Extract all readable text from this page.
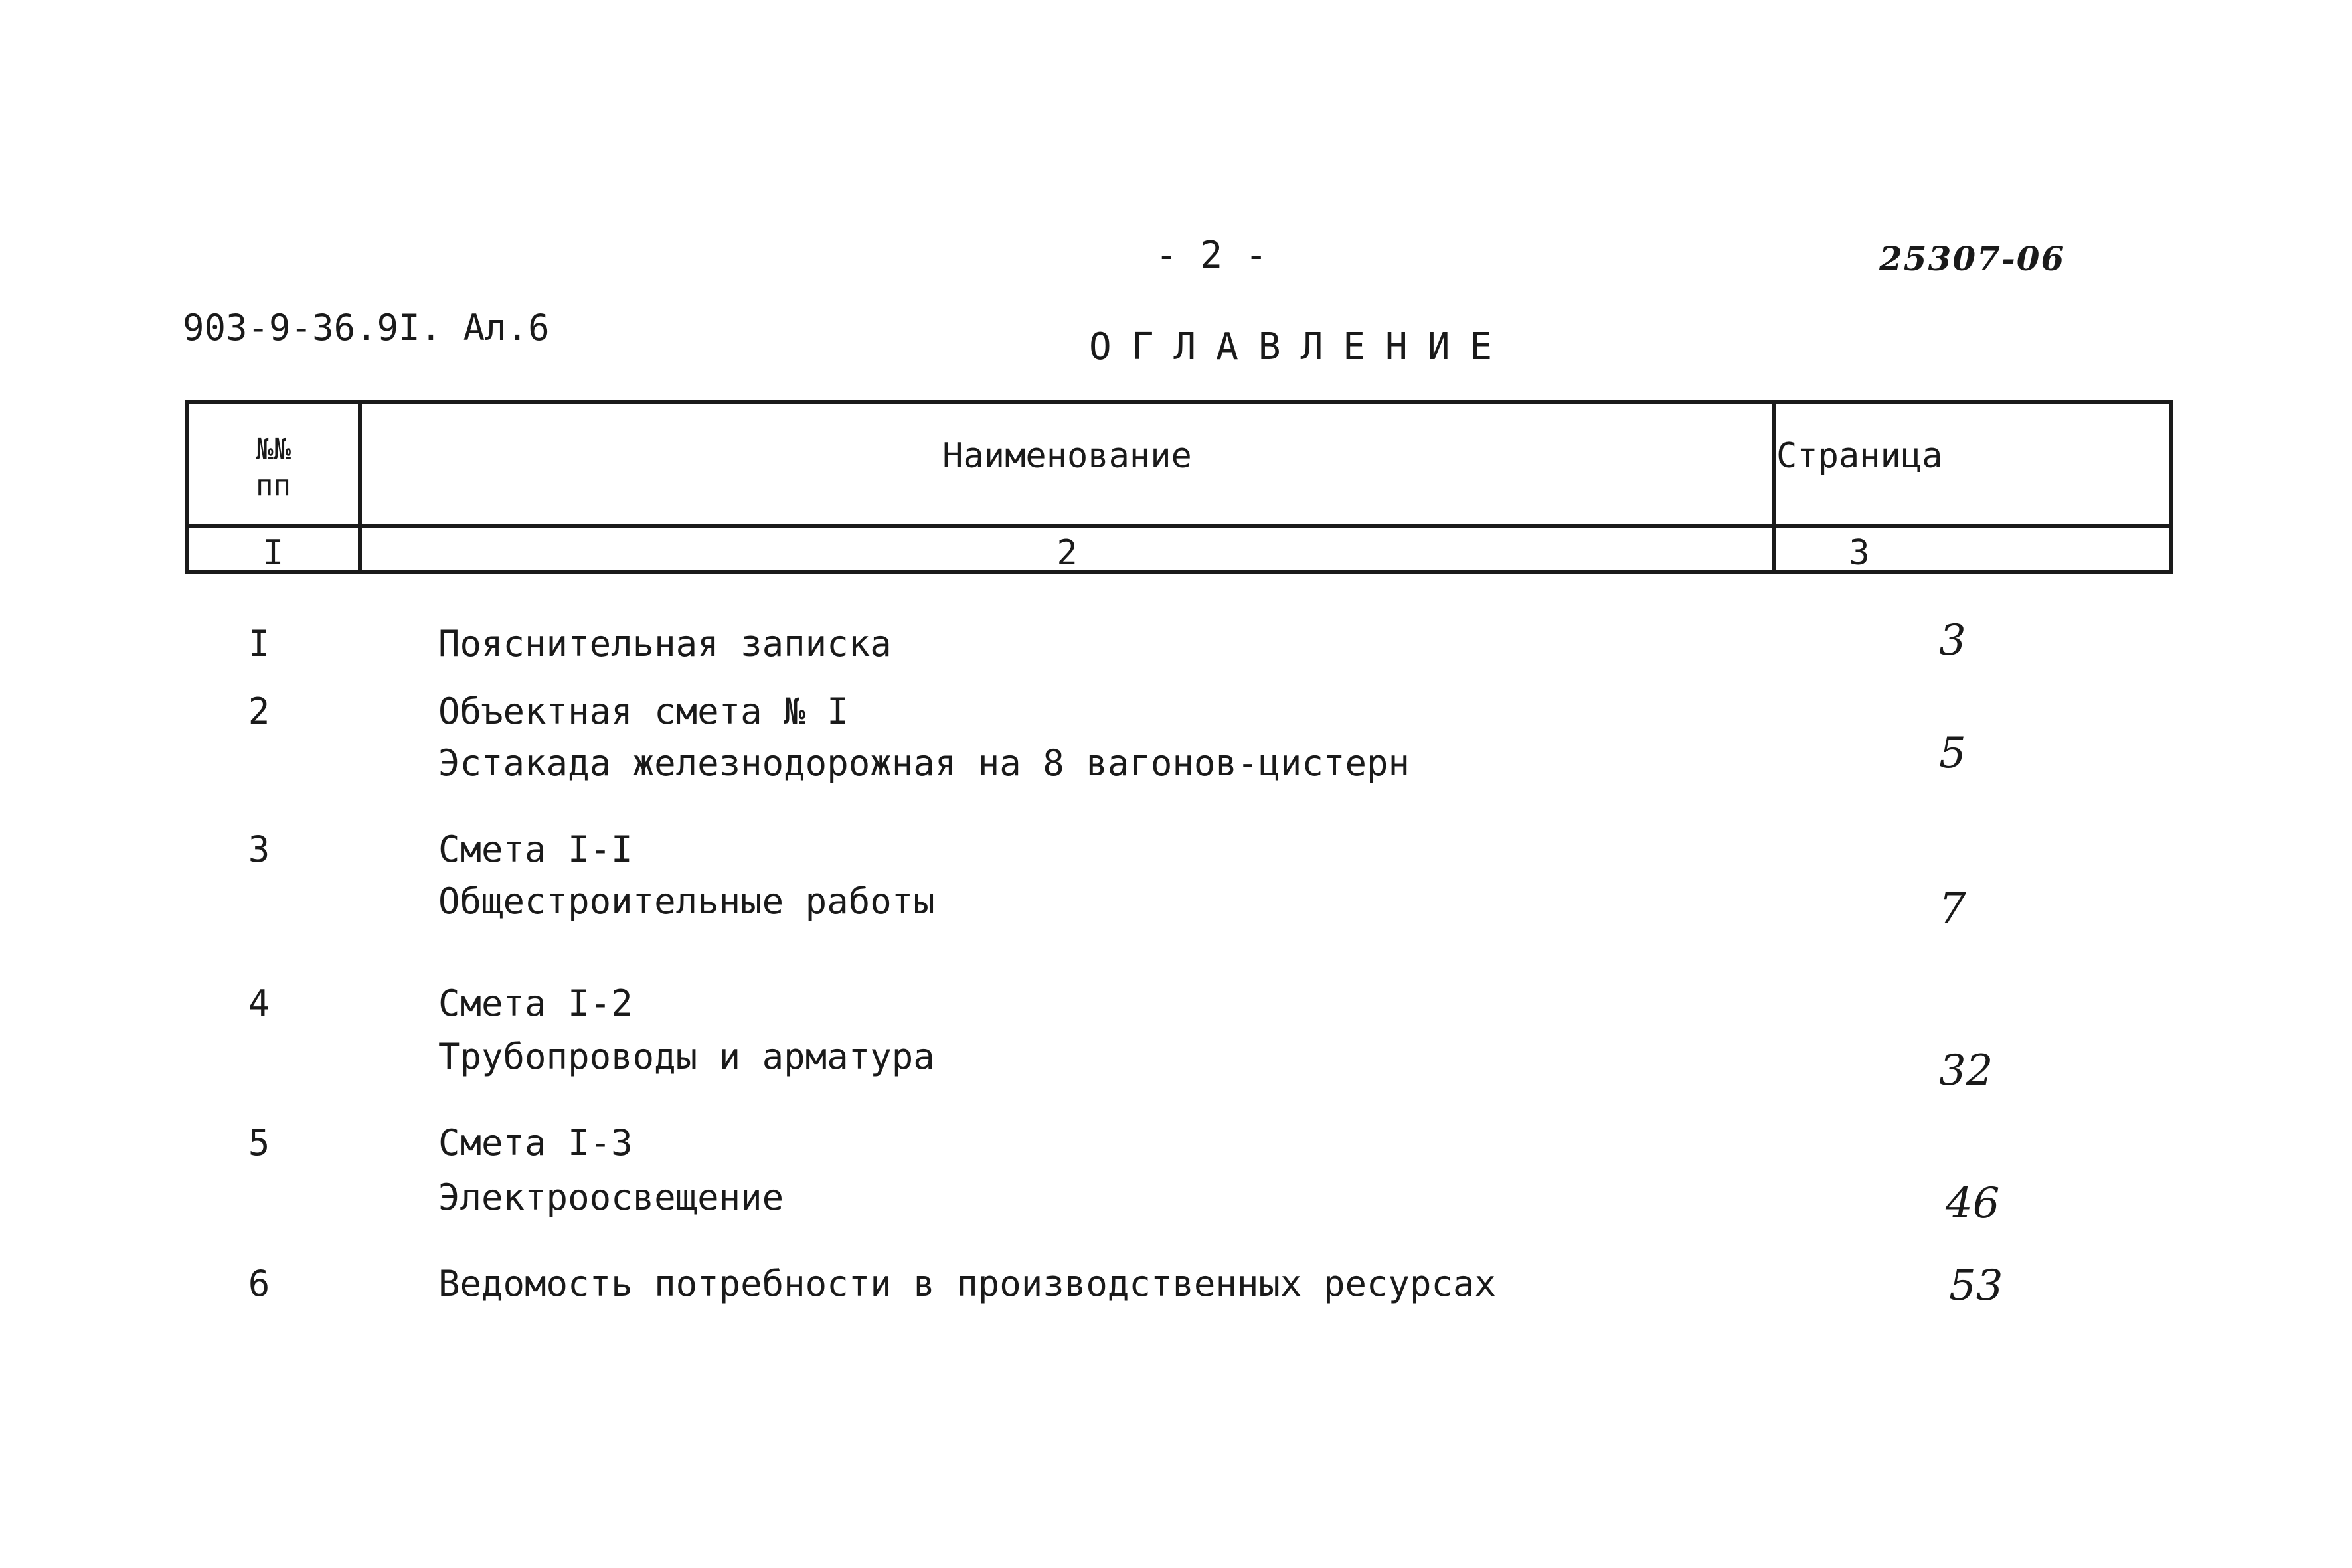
- 2 -	25307-06
903-9-36.9I. Ал.6	ОГЛАВЛЕНИЕ
№№
пп
Наименование	Страница
I	2	3
I	Пояснительная записка	3
2	Объектная смета № I
Эстакада железнодорожная на 8 вагонов-цистерн	5
3	Смета I-I
Общестроительные работы	7
4	Смета I-2
Трубопроводы и арматура	32
5	Смета I-3
Электроосвещение	46
6	Ведомость потребности в производственных ресурсах	53
